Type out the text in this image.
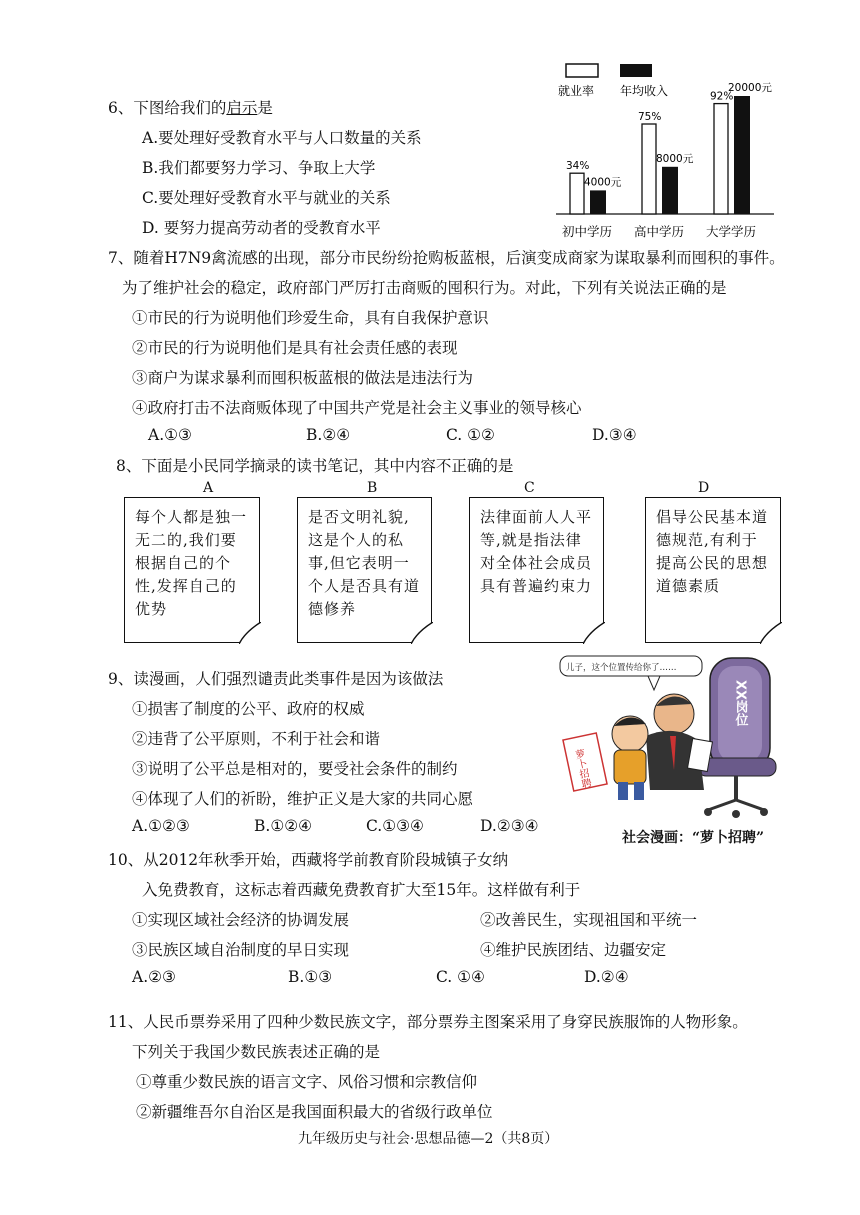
6、下图给我们的启示是
A.要处理好受教育水平与人口数量的关系
B.我们都要努力学习、争取上大学
C.要处理好受教育水平与就业的关系
D. 要努力提高劳动者的受教育水平
就业率 年均收入
34%
4000元
初中学历
75%
8000元
高中学历
92%
20000元
大学学历
7、随着H7N9禽流感的出现，部分市民纷纷抢购板蓝根，后演变成商家为谋取暴利而囤积的事件。
为了维护社会的稳定，政府部门严厉打击商贩的囤积行为。对此，下列有关说法正确的是
①市民的行为说明他们珍爱生命，具有自我保护意识
②市民的行为说明他们是具有社会责任感的表现
③商户为谋求暴利而囤积板蓝根的做法是违法行为
④政府打击不法商贩体现了中国共产党是社会主义事业的领导核心
A.①③	B.②④	C. ①②	D.③④
8、下面是小民同学摘录的读书笔记，其中内容不正确的是
A	B	C	D
每个人都是独一无二的,我们要根据自己的个性,发挥自己的优势
是否文明礼貌,这是个人的私事,但它表明一个人是否具有道德修养
法律面前人人平等,就是指法律对全体社会成员具有普遍约束力
倡导公民基本道德规范,有利于提高公民的思想道德素质
9、读漫画，人们强烈谴责此类事件是因为该做法
①损害了制度的公平、政府的权威
②违背了公平原则，不利于社会和谐
③说明了公平总是相对的，要受社会条件的制约
④体现了人们的祈盼，维护正义是大家的共同心愿
A.①②③	B.①②④	C.①③④	D.②③④
XX岗位
儿子，这个位置传给你了……
萝卜招聘
社会漫画：“萝卜招聘”
10、从2012年秋季开始，西藏将学前教育阶段城镇子女纳
入免费教育，这标志着西藏免费教育扩大至15年。这样做有利于
①实现区域社会经济的协调发展	②改善民生，实现祖国和平统一
③民族区域自治制度的早日实现	④维护民族团结、边疆安定
A.②③	B.①③	C. ①④	D.②④
11、人民币票券采用了四种少数民族文字，部分票券主图案采用了身穿民族服饰的人物形象。
下列关于我国少数民族表述正确的是
①尊重少数民族的语言文字、风俗习惯和宗教信仰
②新疆维吾尔自治区是我国面积最大的省级行政单位
九年级历史与社会·思想品德—2（共8页）
